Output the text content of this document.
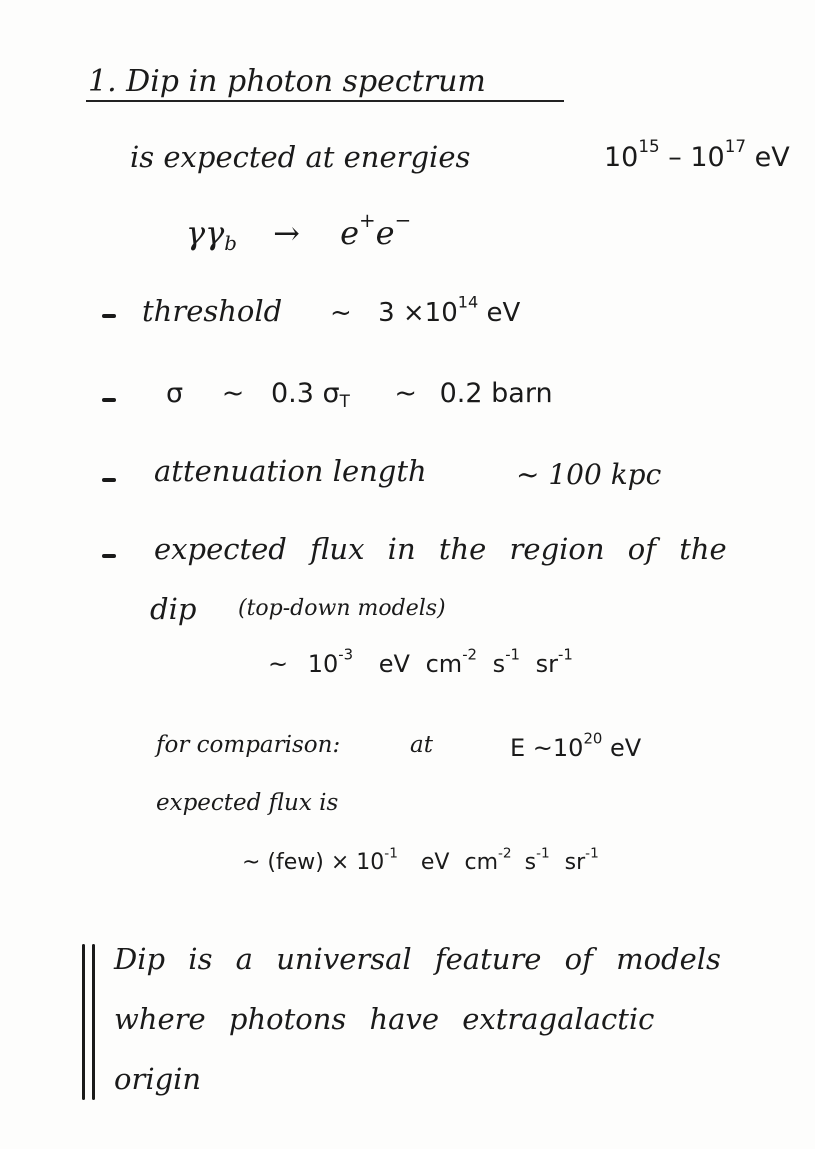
1. Dip in photon spectrum
is expected at energies	$10^{15} - 10^{17}$ eV
$\gamma\gamma_b \to e^+e^-$
threshold ~ $3 \times 10^{14}$ eV
σ ~ 0.3 $\sigma_T$ ~ 0.2 barn
attenuation length	~ 100 kpc
expected flux in the region of the
dip (top-down models)
~ $10^{-3}$ eV $cm^{-2}$ $s^{-1}$ $sr^{-1}$
for comparison:	at	E $\sim 10^{20}$ eV
expected flux is
~ $(few) \times 10^{-1}$ eV $cm^{-2}$ $s^{-1}$ $sr^{-1}$
Dip is a universal feature of models
where photons have extragalactic
origin
